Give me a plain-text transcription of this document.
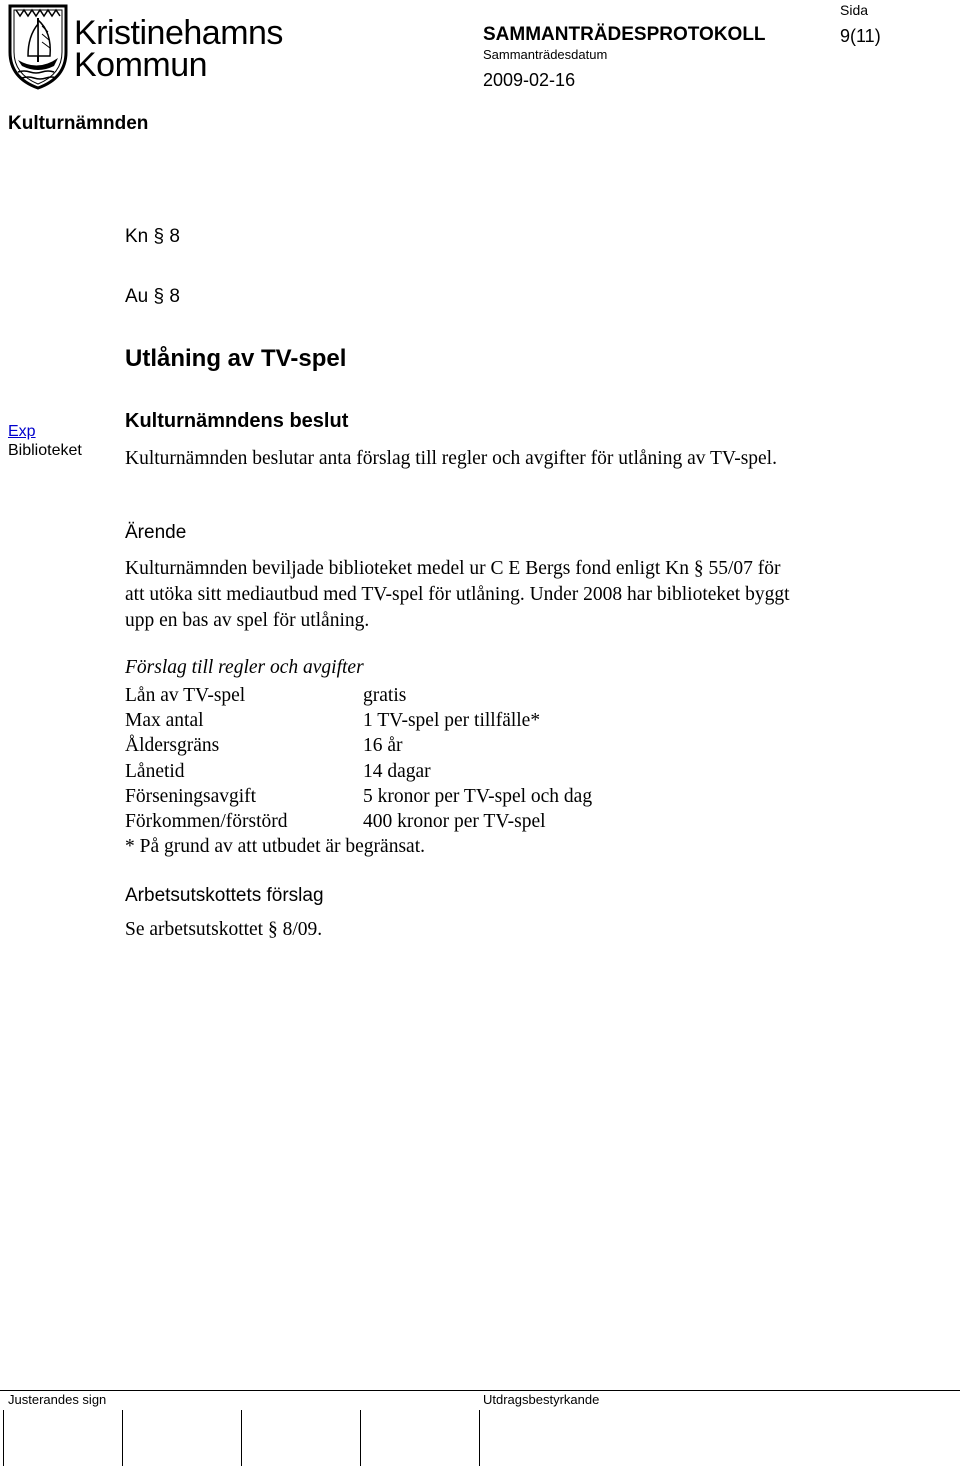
Kristinehamns
Kommun
Sida
SAMMANTRÄDESPROTOKOLL	9(11)
Sammanträdesdatum
2009-02-16
Kulturnämnden
Kn § 8
Au § 8
Utlåning av TV-spel
Exp
Biblioteket
Kulturnämndens beslut
Kulturnämnden beslutar anta förslag till regler och avgifter för utlåning av TV-spel.
Ärende
Kulturnämnden beviljade biblioteket medel ur C E Bergs fond enligt Kn § 55/07 för att utöka sitt mediautbud med TV-spel för utlåning. Under 2008 har biblioteket byggt upp en bas av spel för utlåning.
Förslag till regler och avgifter
Lån av TV-spel	gratis
Max antal	1 TV-spel per tillfälle*
Åldersgräns	16 år
Lånetid	14 dagar
Förseningsavgift	5 kronor per TV-spel och dag
Förkommen/förstörd	400 kronor per TV-spel
* På grund av att utbudet är begränsat.
Arbetsutskottets förslag
Se arbetsutskottet § 8/09.
Justerandes sign	Utdragsbestyrkande
